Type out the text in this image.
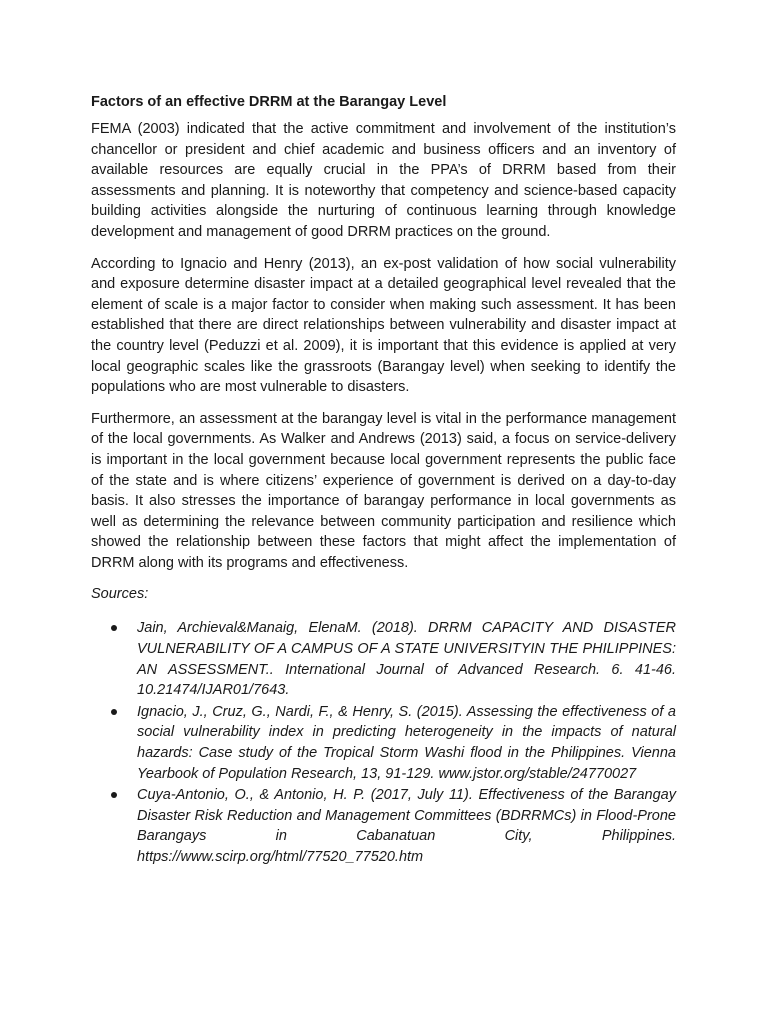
Factors of an effective DRRM at the Barangay Level

FEMA (2003) indicated that the active commitment and involvement of the institution’s chancellor or president and chief academic and business officers and an inventory of available resources are equally crucial in the PPA’s of DRRM based from their assessments and planning. It is noteworthy that competency and science-based capacity building activities alongside the nurturing of continuous learning through knowledge development and management of good DRRM practices on the ground.

According to Ignacio and Henry (2013), an ex-post validation of how social vulnerability and exposure determine disaster impact at a detailed geographical level revealed that the element of scale is a major factor to consider when making such assessment. It has been established that there are direct relationships between vulnerability and disaster impact at the country level (Peduzzi et al. 2009), it is important that this evidence is applied at very local geographic scales like the grassroots (Barangay level) when seeking to identify the populations who are most vulnerable to disasters.

Furthermore, an assessment at the barangay level is vital in the performance management of the local governments. As Walker and Andrews (2013) said, a focus on service-delivery is important in the local government because local government represents the public face of the state and is where citizens’ experience of government is derived on a day-to-day basis. It also stresses the importance of barangay performance in local governments as well as determining the relevance between community participation and resilience which showed the relationship between these factors that might affect the implementation of DRRM along with its programs and effectiveness.

Sources:
Jain, Archieval&Manaig, ElenaM. (2018). DRRM CAPACITY AND DISASTER VULNERABILITY OF A CAMPUS OF A STATE UNIVERSITYIN THE PHILIPPINES: AN ASSESSMENT.. International Journal of Advanced Research. 6. 41-46. 10.21474/IJAR01/7643.
Ignacio, J., Cruz, G., Nardi, F., & Henry, S. (2015). Assessing the effectiveness of a social vulnerability index in predicting heterogeneity in the impacts of natural hazards: Case study of the Tropical Storm Washi flood in the Philippines. Vienna Yearbook of Population Research, 13, 91-129. www.jstor.org/stable/24770027
Cuya-Antonio, O., & Antonio, H. P. (2017, July 11). Effectiveness of the Barangay Disaster Risk Reduction and Management Committees (BDRRMCs) in Flood-Prone Barangays in Cabanatuan City, Philippines. https://www.scirp.org/html/77520_77520.htm
